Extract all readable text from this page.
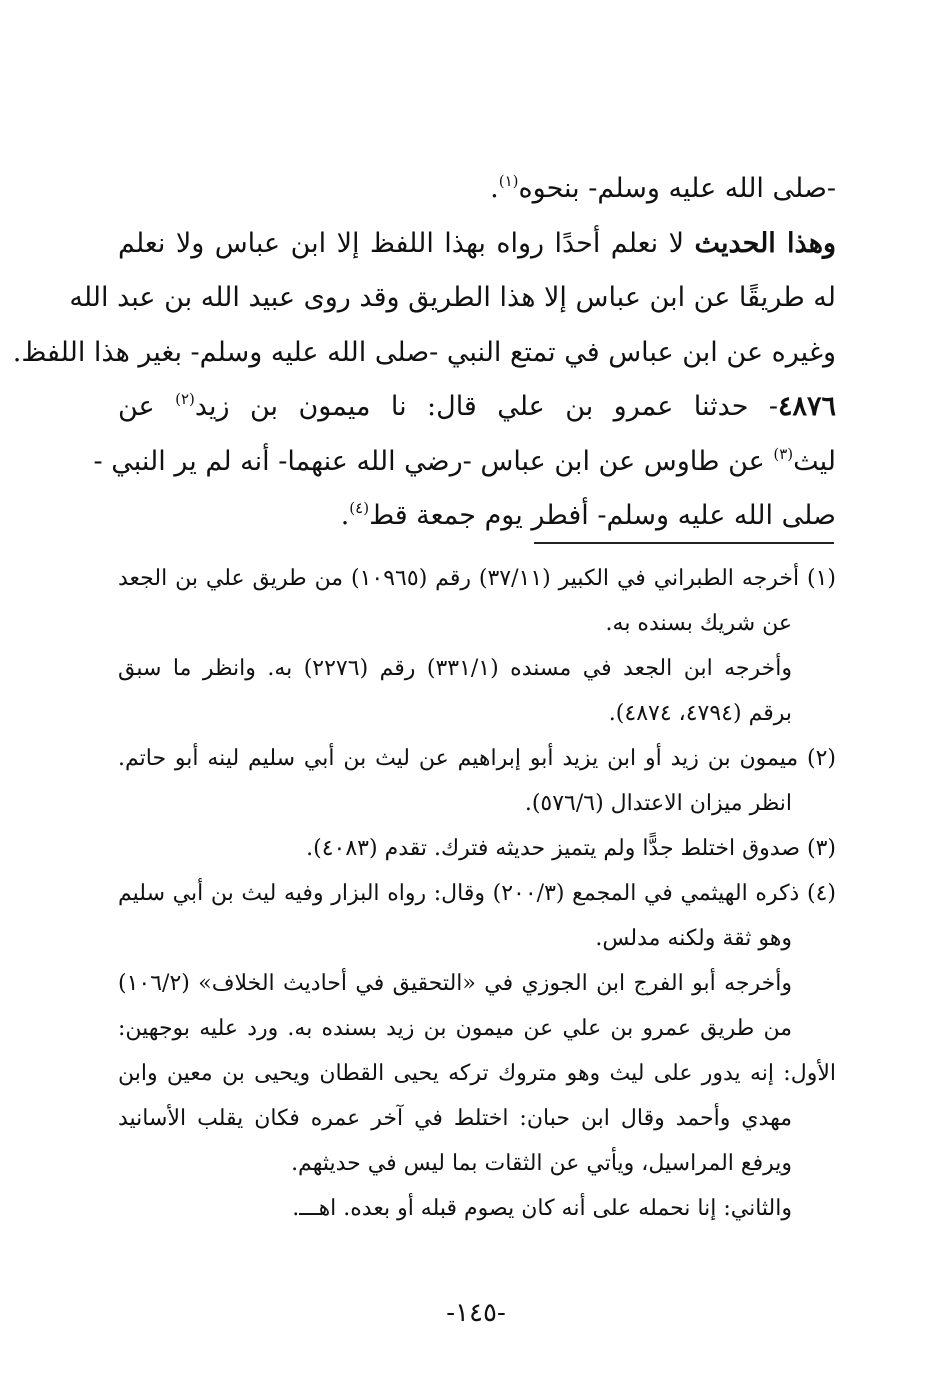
-صلى الله عليه وسلم- بنحوه$^{(١)}$.
وهذا الحديث لا نعلم أحدًا رواه بهذا اللفظ إلا ابن عباس ولا نعلم
له طريقًا عن ابن عباس إلا هذا الطريق وقد روى عبيد الله بن عبد الله
وغيره عن ابن عباس في تمتع النبي -صلى الله عليه وسلم- بغير هذا اللفظ.
٤٨٧٦- حدثنا عمرو بن علي قال: نا ميمون بن زيد$^{(٢)}$ عن
ليث$^{(٣)}$ عن طاوس عن ابن عباس -رضي الله عنهما- أنه لم ير النبي -
صلى الله عليه وسلم- أفطر يوم جمعة قط$^{(٤)}$.
(١) أخرجه الطبراني في الكبير (٣٧/١١) رقم (١٠٩٦٥) من طريق علي بن الجعد
عن شريك بسنده به.
وأخرجه ابن الجعد في مسنده (٣٣١/١) رقم (٢٢٧٦) به. وانظر ما سبق
برقم (٤٧٩٤، ٤٨٧٤).
(٢) ميمون بن زيد أو ابن يزيد أبو إبراهيم عن ليث بن أبي سليم لينه أبو حاتم.
انظر ميزان الاعتدال (٥٧٦/٦).
(٣) صدوق اختلط جدًّا ولم يتميز حديثه فترك. تقدم (٤٠٨٣).
(٤) ذكره الهيثمي في المجمع (٢٠٠/٣) وقال: رواه البزار وفيه ليث بن أبي سليم
وهو ثقة ولكنه مدلس.
وأخرجه أبو الفرج ابن الجوزي في «التحقيق في أحاديث الخلاف» (١٠٦/٢)
من طريق عمرو بن علي عن ميمون بن زيد بسنده به. ورد عليه بوجهين:
الأول: إنه يدور على ليث وهو متروك تركه يحيى القطان ويحيى بن معين وابن
مهدي وأحمد وقال ابن حبان: اختلط في آخر عمره فكان يقلب الأسانيد
ويرفع المراسيل، ويأتي عن الثقات بما ليس في حديثهم.
والثاني: إنا نحمله على أنه كان يصوم قبله أو بعده. اهـــ.
-١٤٥-
